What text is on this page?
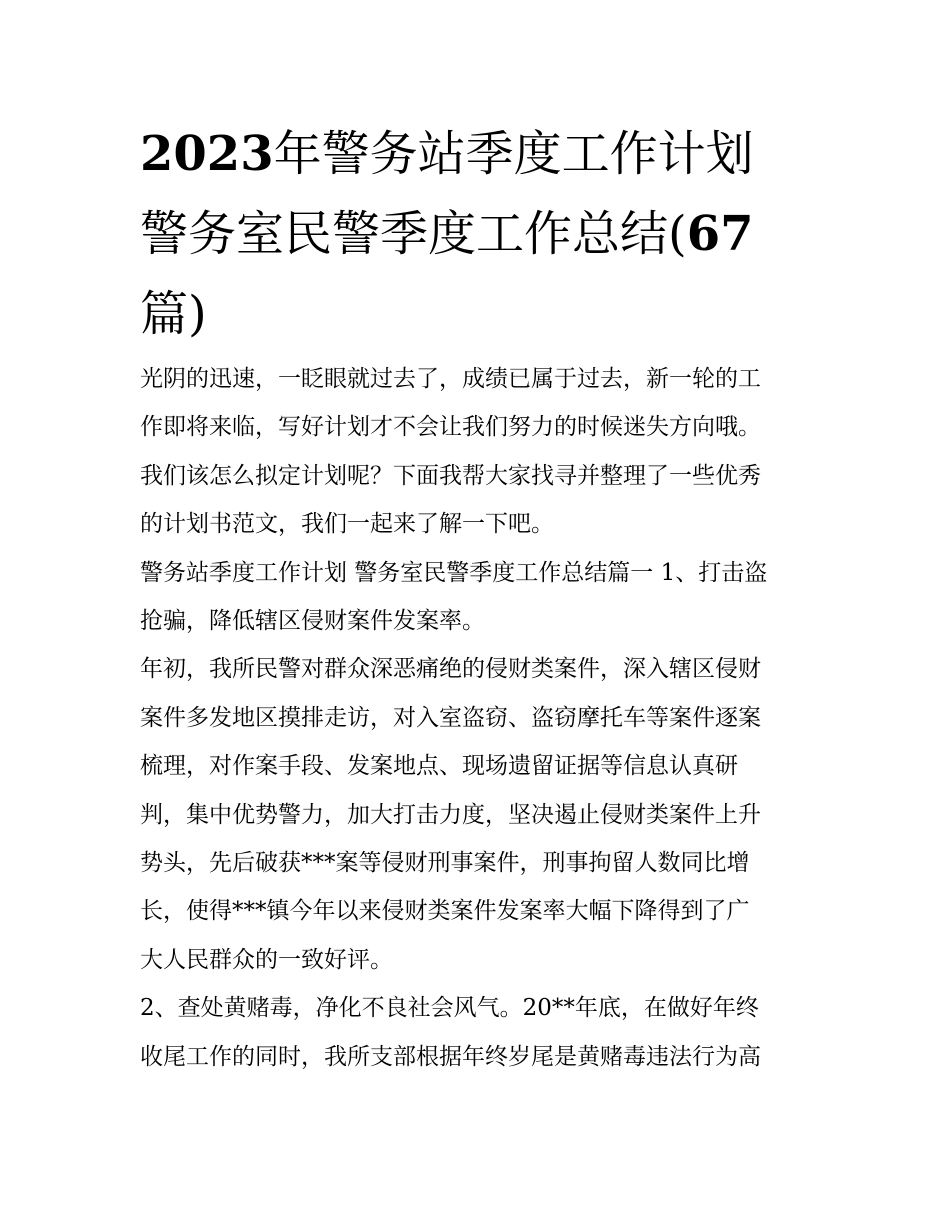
2023年警务站季度工作计划
警务室民警季度工作总结(67
篇)

光阴的迅速，一眨眼就过去了，成绩已属于过去，新一轮的工
作即将来临，写好计划才不会让我们努力的时候迷失方向哦。
我们该怎么拟定计划呢？下面我帮大家找寻并整理了一些优秀
的计划书范文，我们一起来了解一下吧。

警务站季度工作计划 警务室民警季度工作总结篇一 1、打击盗
抢骗，降低辖区侵财案件发案率。

年初，我所民警对群众深恶痛绝的侵财类案件，深入辖区侵财
案件多发地区摸排走访，对入室盗窃、盗窃摩托车等案件逐案
梳理，对作案手段、发案地点、现场遗留证据等信息认真研
判，集中优势警力，加大打击力度，坚决遏止侵财类案件上升
势头，先后破获***案等侵财刑事案件，刑事拘留人数同比增
长，使得***镇今年以来侵财类案件发案率大幅下降得到了广
大人民群众的一致好评。

2、查处黄赌毒，净化不良社会风气。20**年底，在做好年终
收尾工作的同时，我所支部根据年终岁尾是黄赌毒违法行为高
